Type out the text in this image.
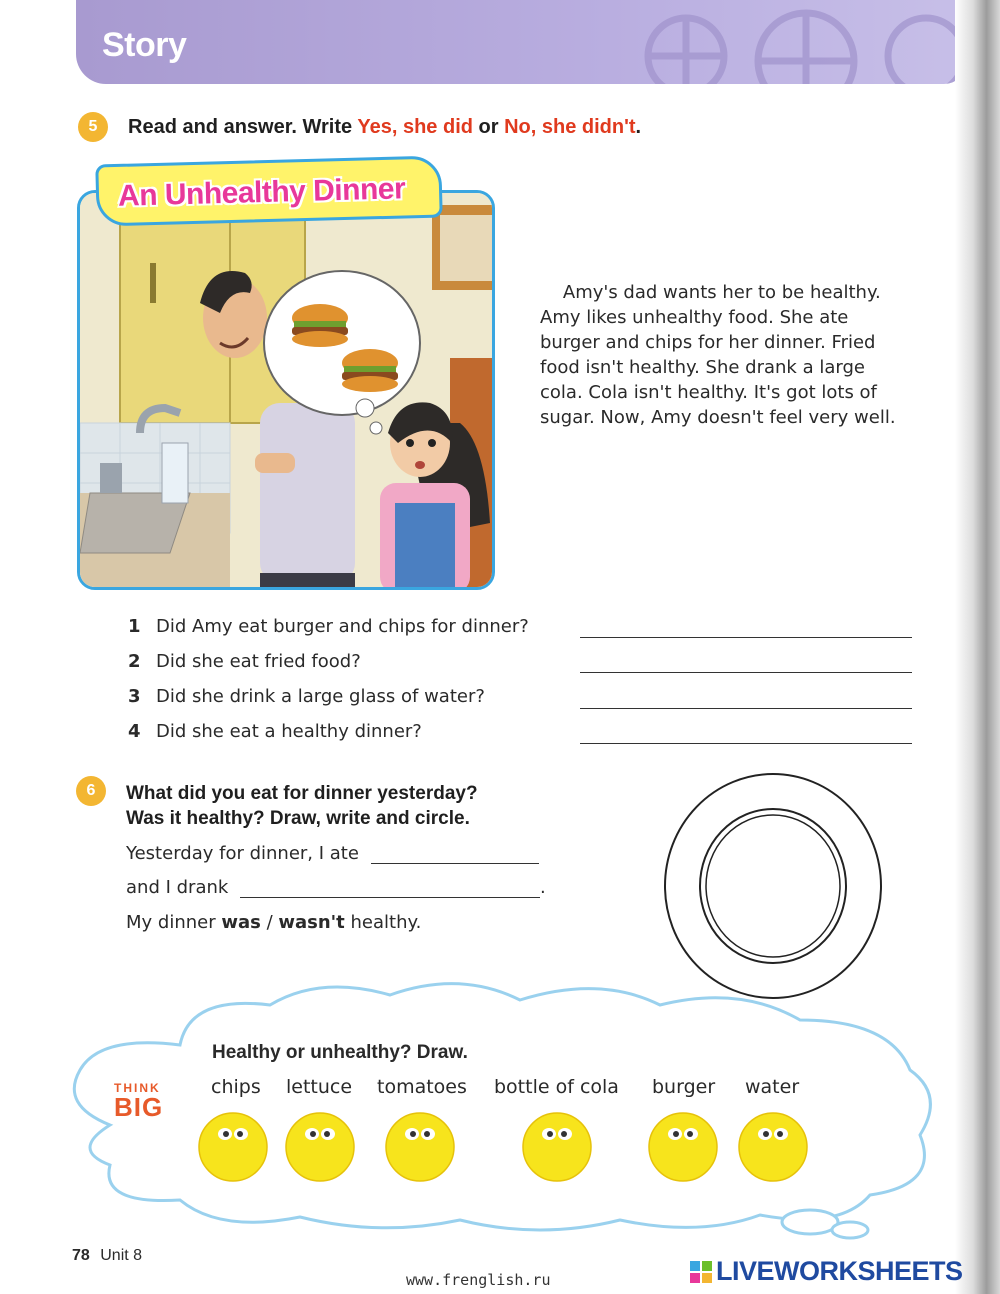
Story
5	Read and answer. Write Yes, she did or No, she didn't.
An Unhealthy Dinner

Amy's dad wants her to be healthy.

Amy likes unhealthy food. She ate

burger and chips for her dinner. Fried

food isn't healthy. She drank a large

cola. Cola isn't healthy. It's got lots of

sugar. Now, Amy doesn't feel very well.

1 Did Amy eat burger and chips for dinner?
2 Did she eat fried food?
3 Did she drink a large glass of water?
4 Did she eat a healthy dinner?
6	What did you eat for dinner yesterday?
Was it healthy? Draw, write and circle.
Yesterday for dinner, I ate
and I drank	.
My dinner was / wasn't healthy.
THINK
BIG
Healthy or unhealthy? Draw.
chips lettuce tomatoes bottle of cola burger water
78 Unit 8
www.frenglish.ru	LIVEWORKSHEETS
